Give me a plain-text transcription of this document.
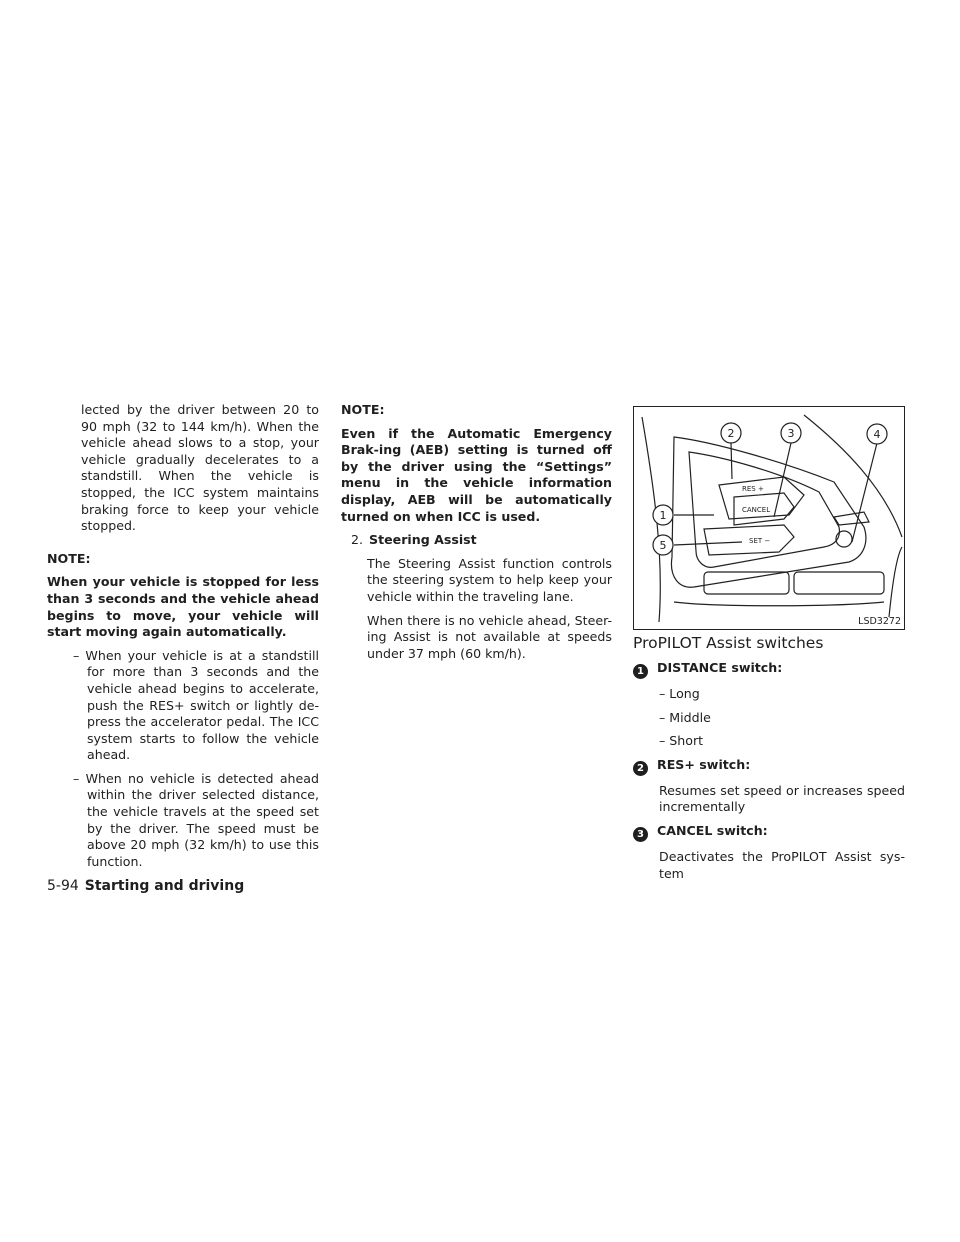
lected by the driver between 20 to 90 mph (32 to 144 km/h). When the vehicle ahead slows to a stop, your vehicle gradually decelerates to a standstill. When the vehicle is stopped, the ICC system maintains braking force to keep your vehicle stopped.

NOTE:

When your vehicle is stopped for less than 3 seconds and the vehicle ahead begins to move, your vehicle will start moving again automatically.

– When your vehicle is at a standstill for more than 3 seconds and the vehicle ahead begins to accelerate, push the RES+ switch or lightly de-press the accelerator pedal. The ICC system starts to follow the vehicle ahead.

– When no vehicle is detected ahead within the driver selected distance, the vehicle travels at the speed set by the driver. The speed must be above 20 mph (32 km/h) to use this function.

NOTE:

Even if the Automatic Emergency Brak-ing (AEB) setting is turned off by the driver using the “Settings” menu in the vehicle information display, AEB will be automatically turned on when ICC is used.

2. Steering Assist

The Steering Assist function controls the steering system to help keep your vehicle within the traveling lane.

When there is no vehicle ahead, Steer-ing Assist is not available at speeds under 37 mph (60 km/h).

1
2	3	4
5
RES +
CANCEL
SET −
LSD3272
ProPILOT Assist switches

1 DISTANCE switch:

– Long

– Middle

– Short

2 RES+ switch:

Resumes set speed or increases speed incrementally

3 CANCEL switch:

Deactivates the ProPILOT Assist sys-tem

5-94 Starting and driving
